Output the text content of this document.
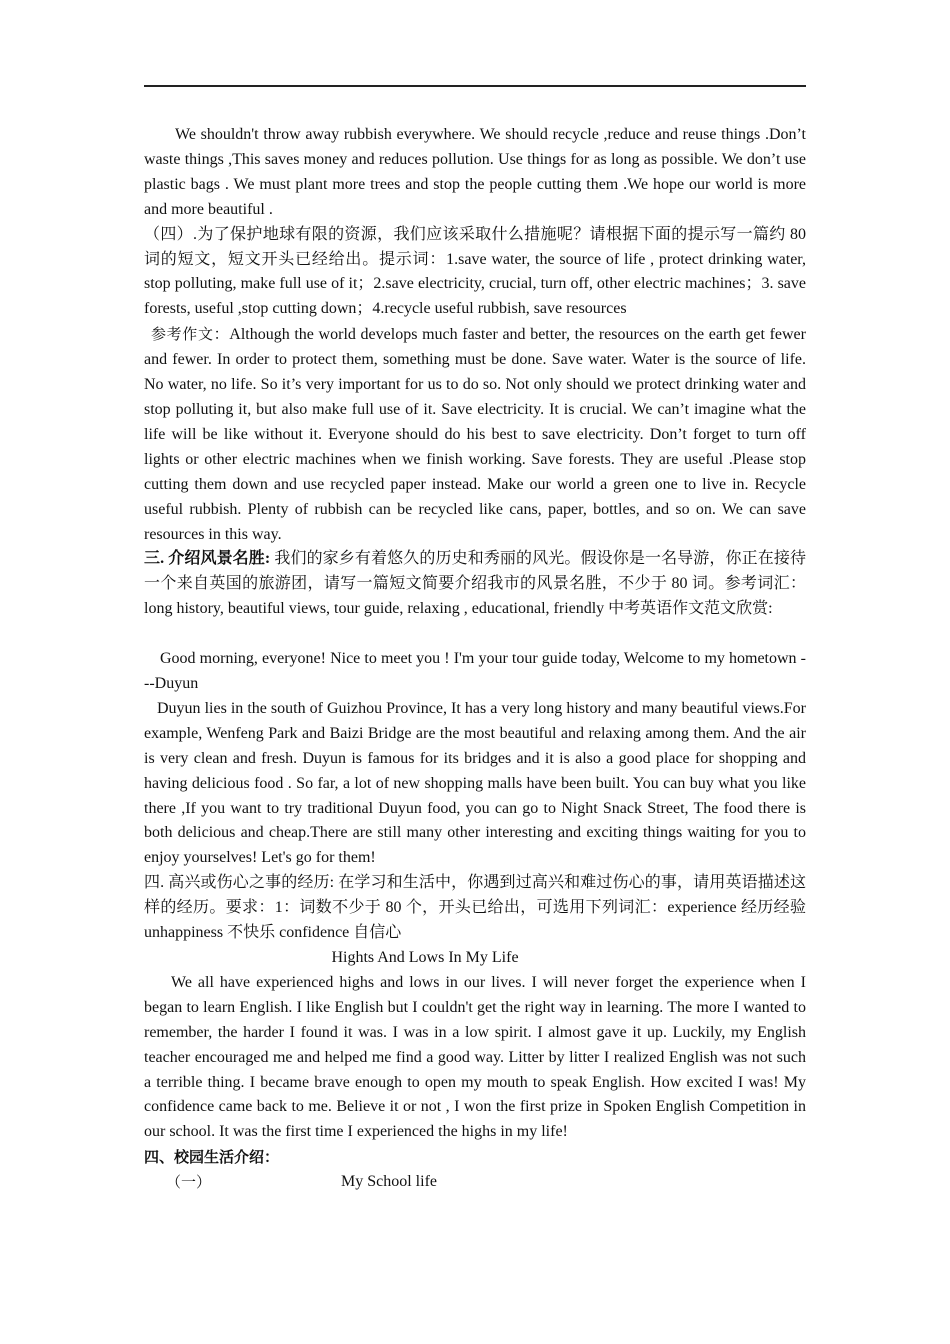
We shouldn't throw away rubbish everywhere. We should recycle ,reduce and reuse things .Don’t waste things ,This saves money and reduces pollution. Use things for as long as possible. We don’t use plastic bags . We must plant more trees and stop the people cutting them .We hope our world is more and more beautiful .

（四）.为了保护地球有限的资源，我们应该采取什么措施呢？请根据下面的提示写一篇约 80 词的短文，短文开头已经给出。提示词：1.save water, the source of life , protect drinking water, stop polluting, make full use of it；2.save electricity, crucial, turn off, other electric machines；3. save forests, useful ,stop cutting down；4.recycle useful rubbish, save resources

参考作文：Although the world develops much faster and better, the resources on the earth get fewer and fewer. In order to protect them, something must be done. Save water. Water is the source of life. No water, no life. So it’s very important for us to do so. Not only should we protect drinking water and stop polluting it, but also make full use of it. Save electricity. It is crucial. We can’t imagine what the life will be like without it. Everyone should do his best to save electricity. Don’t forget to turn off lights or other electric machines when we finish working. Save forests. They are useful .Please stop cutting them down and use recycled paper instead. Make our world a green one to live in. Recycle useful rubbish. Plenty of rubbish can be recycled like cans, paper, bottles, and so on. We can save resources in this way.

三. 介绍风景名胜: 我们的家乡有着悠久的历史和秀丽的风光。假设你是一名导游，你正在接待一个来自英国的旅游团，请写一篇短文简要介绍我市的风景名胜，不少于 80 词。参考词汇：long history, beautiful views, tour guide, relaxing , educational, friendly 中考英语作文范文欣赏:

Good morning, everyone! Nice to meet you ! I'm your tour guide today, Welcome to my hometown ---Duyun

Duyun lies in the south of Guizhou Province, It has a very long history and many beautiful views.For example, Wenfeng Park and Baizi Bridge are the most beautiful and relaxing among them. And the air is very clean and fresh. Duyun is famous for its bridges and it is also a good place for shopping and having delicious food . So far, a lot of new shopping malls have been built. You can buy what you like there ,If you want to try traditional Duyun food, you can go to Night Snack Street, The food there is both delicious and cheap.There are still many other interesting and exciting things waiting for you to enjoy yourselves! Let's go for them!

四. 高兴或伤心之事的经历: 在学习和生活中，你遇到过高兴和难过伤心的事，请用英语描述这样的经历。要求：1：词数不少于 80 个，开头已给出，可选用下列词汇：experience 经历经验 unhappiness 不快乐 confidence 自信心

Hights And Lows In My Life

We all have experienced highs and lows in our lives. I will never forget the experience when I began to learn English. I like English but I couldn't get the right way in learning. The more I wanted to remember, the harder I found it was. I was in a low spirit. I almost gave it up. Luckily, my English teacher encouraged me and helped me find a good way. Litter by litter I realized English was not such a terrible thing. I became brave enough to open my mouth to speak English. How excited I was! My confidence came back to me. Believe it or not , I won the first prize in Spoken English Competition in our school. It was the first time I experienced the highs in my life!

四、校园生活介绍：

（一）	My School life
